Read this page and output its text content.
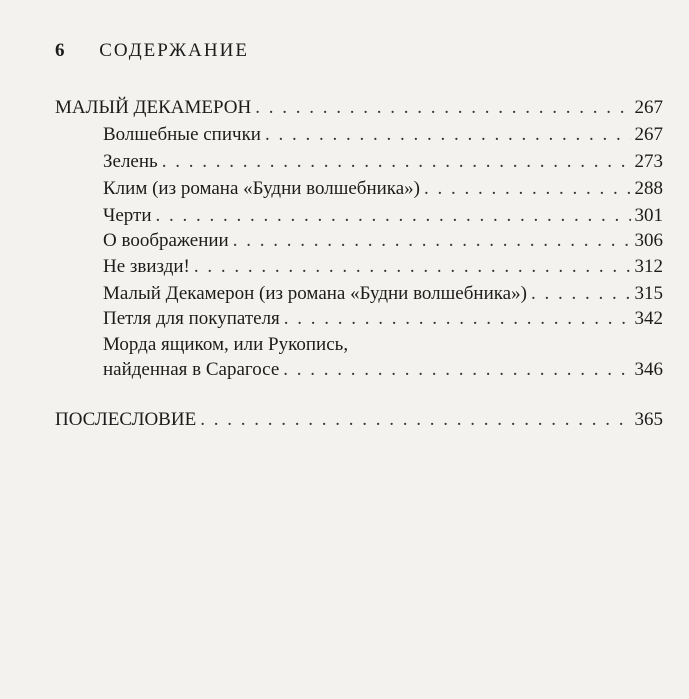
6 СОДЕРЖАНИЕ
МАЛЫЙ ДЕКАМЕРОН . . .	267
Волшебные спички . . .	267
Зелень . . .	273
Клим (из романа «Будни волшебника») . . .	288
Черти . . .	301
О воображении . . .	306
Не звизди! . . .	312
Малый Декамерон (из романа «Будни волшебника») . . .	315
Петля для покупателя . . .	342
Морда ящиком, или Рукопись,
найденная в Сарагосе . . .	346
ПОСЛЕСЛОВИЕ . . .	365
